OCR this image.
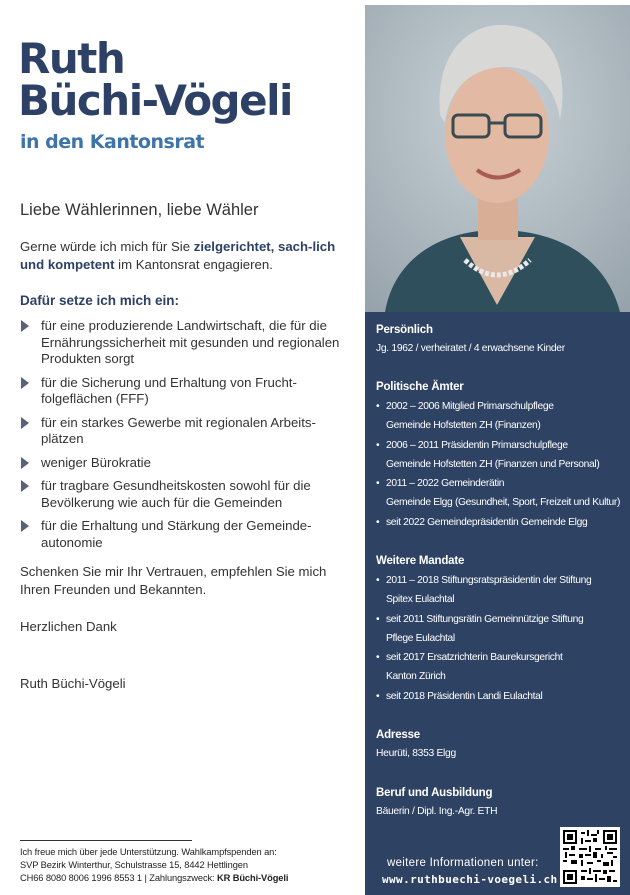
Ruth
Büchi-Vögeli
in den Kantonsrat
Liebe Wählerinnen, liebe Wähler

Gerne würde ich mich für Sie zielgerichtet, sach-lich und kompetent im Kantonsrat engagieren.

Dafür setze ich mich ein:
für eine produzierende Landwirtschaft, die für die Ernährungssicherheit mit gesunden und regionalen Produkten sorgt
für die Sicherung und Erhaltung von Frucht-folgeflächen (FFF)
für ein starkes Gewerbe mit regionalen Arbeits-plätzen
weniger Bürokratie
für tragbare Gesundheitskosten sowohl für die Bevölkerung wie auch für die Gemeinden
für die Erhaltung und Stärkung der Gemeinde-autonomie

Schenken Sie mir Ihr Vertrauen, empfehlen Sie mich Ihren Freunden und Bekannten.

Herzlichen Dank
Ruth Büchi-Vögeli
Ich freue mich über jede Unterstützung. Wahlkampfspenden an:
SVP Bezirk Winterthur, Schulstrasse 15, 8442 Hettlingen
CH66 8080 8006 1996 8553 1 | Zahlungszweck: KR Büchi-Vögeli
Persönlich
Jg. 1962 / verheiratet / 4 erwachsene Kinder
Politische Ämter
• 2002 – 2006 Mitglied Primarschulpflege
Gemeinde Hofstetten ZH (Finanzen)
• 2006 – 2011 Präsidentin Primarschulpflege
Gemeinde Hofstetten ZH (Finanzen und Personal)
• 2011 – 2022 Gemeinderätin
Gemeinde Elgg (Gesundheit, Sport, Freizeit und Kultur)
• seit 2022 Gemeindepräsidentin Gemeinde Elgg
Weitere Mandate
• 2011 – 2018 Stiftungsratspräsidentin der Stiftung
Spitex Eulachtal
• seit 2011 Stiftungsrätin Gemeinnützige Stiftung
Pflege Eulachtal
• seit 2017 Ersatzrichterin Baurekursgericht
Kanton Zürich
• seit 2018 Präsidentin Landi Eulachtal
Adresse
Heurüti, 8353 Elgg
Beruf und Ausbildung
Bäuerin / Dipl. Ing.-Agr. ETH
weitere Informationen unter:
www.ruthbuechi-voegeli.ch
